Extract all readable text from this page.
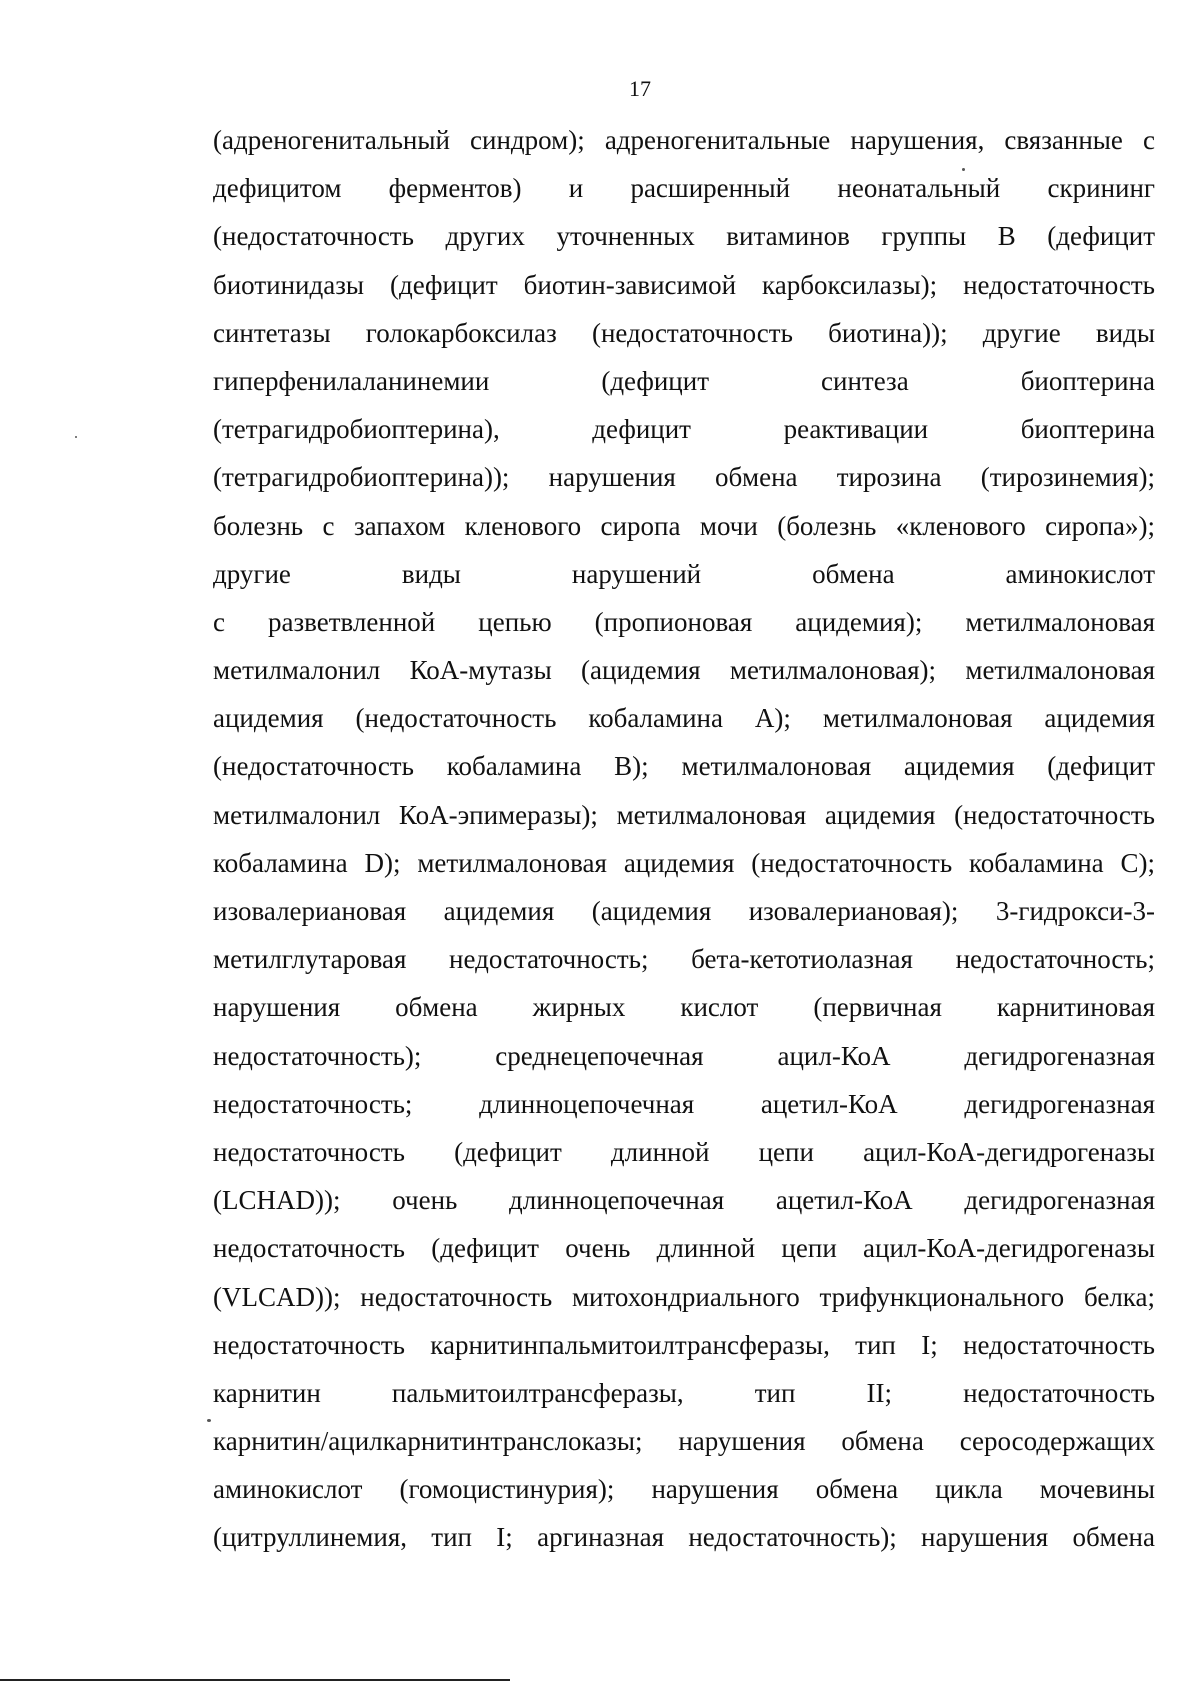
17
(адреногенитальный синдром); адреногенитальные нарушения, связанные с
дефицитом ферментов) и расширенный неонатальный скрининг
(недостаточность других уточненных витаминов группы В (дефицит
биотинидазы (дефицит биотин-зависимой карбоксилазы); недостаточность
синтетазы голокарбоксилаз (недостаточность биотина)); другие виды
гиперфенилаланинемии (дефицит синтеза биоптерина
(тетрагидробиоптерина), дефицит реактивации биоптерина
(тетрагидробиоптерина)); нарушения обмена тирозина (тирозинемия);
болезнь с запахом кленового сиропа мочи (болезнь «кленового сиропа»);
другие виды нарушений обмена аминокислот
с разветвленной цепью (пропионовая ацидемия); метилмалоновая
метилмалонил КоА-мутазы (ацидемия метилмалоновая); метилмалоновая
ацидемия (недостаточность кобаламина А); метилмалоновая ацидемия
(недостаточность кобаламина В); метилмалоновая ацидемия (дефицит
метилмалонил КоА-эпимеразы); метилмалоновая ацидемия (недостаточность
кобаламина D); метилмалоновая ацидемия (недостаточность кобаламина С);
изовалериановая ацидемия (ацидемия изовалериановая); 3-гидрокси-3-
метилглутаровая недостаточность; бета-кетотиолазная недостаточность;
нарушения обмена жирных кислот (первичная карнитиновая
недостаточность); среднецепочечная ацил-КоА дегидрогеназная
недостаточность; длинноцепочечная ацетил-КоА дегидрогеназная
недостаточность (дефицит длинной цепи ацил-КоА-дегидрогеназы
(LCHAD)); очень длинноцепочечная ацетил-КоА дегидрогеназная
недостаточность (дефицит очень длинной цепи ацил-КоА-дегидрогеназы
(VLCAD)); недостаточность митохондриального трифункционального белка;
недостаточность карнитинпальмитоилтрансферазы, тип I; недостаточность
карнитин пальмитоилтрансферазы, тип II; недостаточность
карнитин/ацилкарнитинтранслоказы; нарушения обмена серосодержащих
аминокислот (гомоцистинурия); нарушения обмена цикла мочевины
(цитруллинемия, тип I; аргиназная недостаточность); нарушения обмена
